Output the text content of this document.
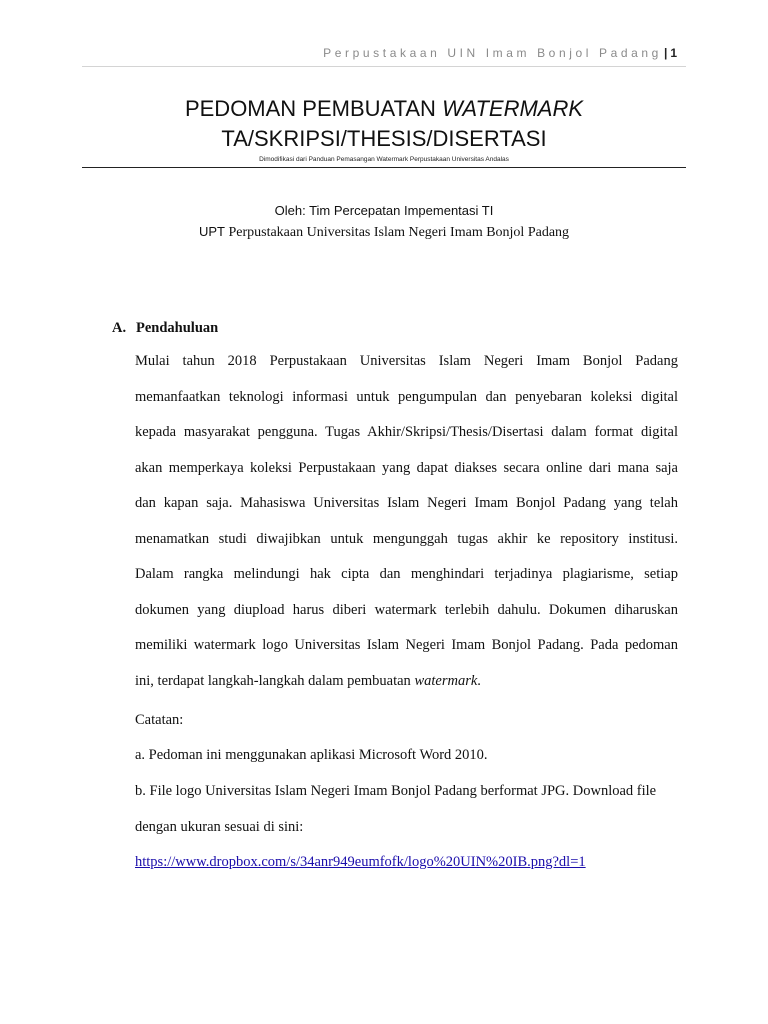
Perpustakaan UIN Imam Bonjol Padang | 1
PEDOMAN PEMBUATAN WATERMARK
TA/SKRIPSI/THESIS/DISERTASI
Dimodifikasi dari Panduan Pemasangan Watermark Perpustakaan Universitas Andalas
Oleh: Tim Percepatan Impementasi TI
UPT Perpustakaan Universitas Islam Negeri Imam Bonjol Padang
A. Pendahuluan
Mulai tahun 2018 Perpustakaan Universitas Islam Negeri Imam Bonjol Padang
memanfaatkan teknologi informasi untuk pengumpulan dan penyebaran koleksi digital
kepada masyarakat pengguna. Tugas Akhir/Skripsi/Thesis/Disertasi dalam format digital
akan memperkaya koleksi Perpustakaan yang dapat diakses secara online dari mana saja
dan kapan saja. Mahasiswa Universitas Islam Negeri Imam Bonjol Padang yang telah
menamatkan studi diwajibkan untuk mengunggah tugas akhir ke repository institusi.
Dalam rangka melindungi hak cipta dan menghindari terjadinya plagiarisme, setiap
dokumen yang diupload harus diberi watermark terlebih dahulu. Dokumen diharuskan
memiliki watermark logo Universitas Islam Negeri Imam Bonjol Padang. Pada pedoman
ini, terdapat langkah-langkah dalam pembuatan watermark.
Catatan:
a. Pedoman ini menggunakan aplikasi Microsoft Word 2010.
b. File logo Universitas Islam Negeri Imam Bonjol Padang berformat JPG. Download file
dengan ukuran sesuai di sini:
https://www.dropbox.com/s/34anr949eumfofk/logo%20UIN%20IB.png?dl=1
